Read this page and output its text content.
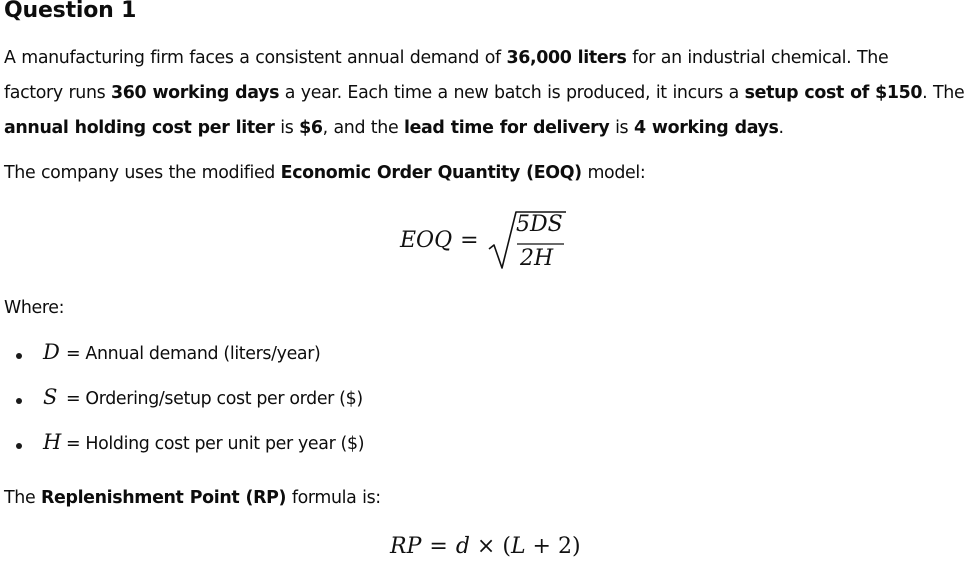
Question 1

A manufacturing firm faces a consistent annual demand of 36,000 liters for an industrial chemical. The

factory runs 360 working days a year. Each time a new batch is produced, it incurs a setup cost of $150. The

annual holding cost per liter is $6, and the lead time for delivery is 4 working days.

The company uses the modified Economic Order Quantity (EOQ) model:

EOQ =
5DS
2H

Where:

D = Annual demand (liters/year)
S = Ordering/setup cost per order ($)
H = Holding cost per unit per year ($)

The Replenishment Point (RP) formula is:

RP = d × (L + 2)
